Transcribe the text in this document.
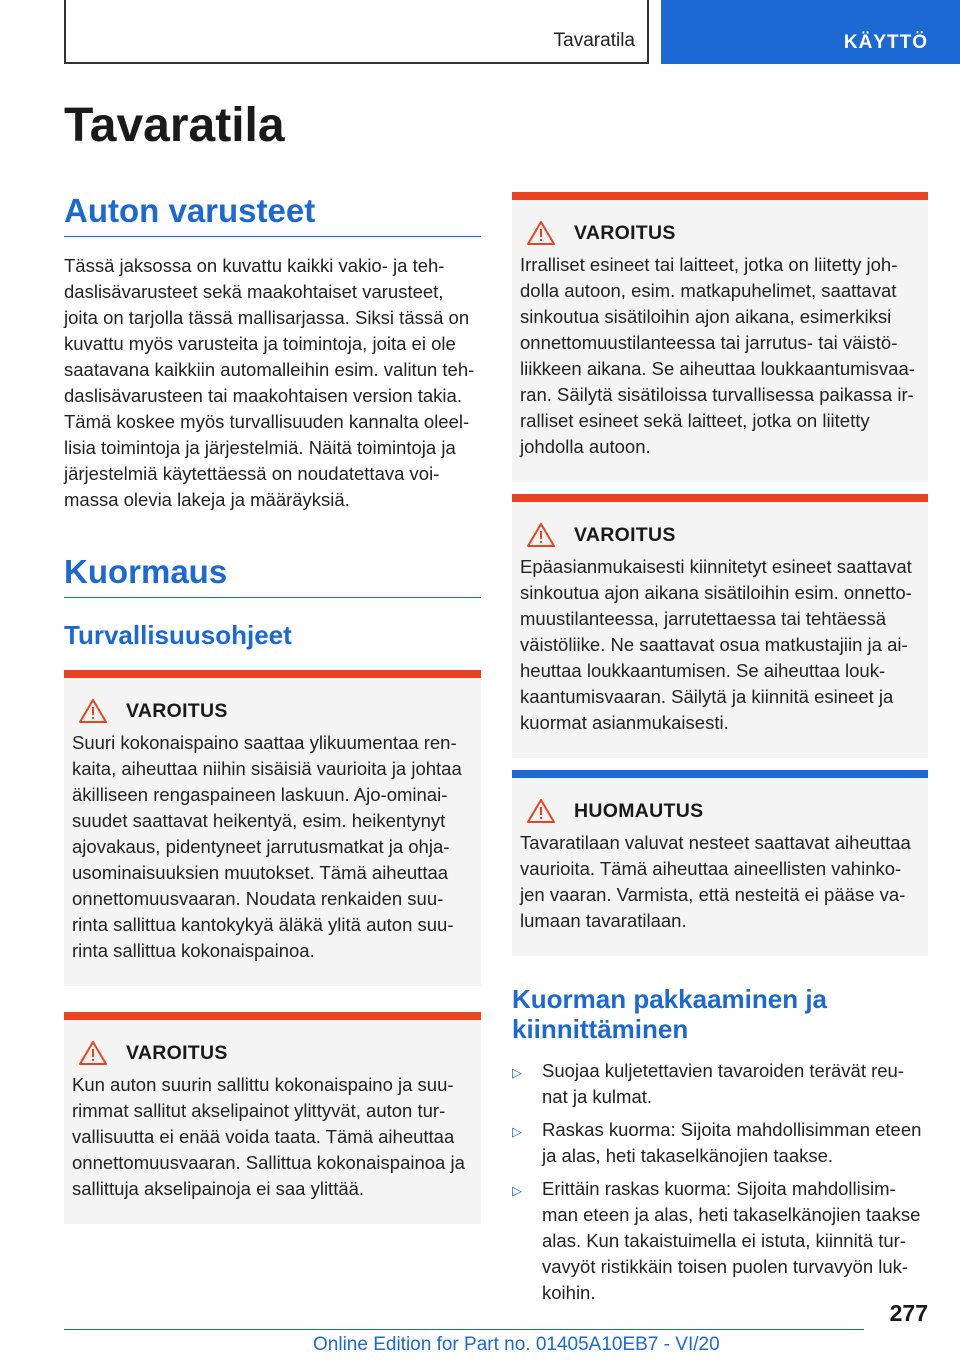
Tavaratila	KÄYTTÖ
Tavaratila
Auton varusteet

Tässä jaksossa on kuvattu kaikki vakio- ja teh-daslisävarusteet sekä maakohtaiset varusteet, joita on tarjolla tässä mallisarjassa. Siksi tässä on kuvattu myös varusteita ja toimintoja, joita ei ole saatavana kaikkiin automalleihin esim. valitun teh-daslisävarusteen tai maakohtaisen version takia. Tämä koskee myös turvallisuuden kannalta oleel-lisia toimintoja ja järjestelmiä. Näitä toimintoja ja järjestelmiä käytettäessä on noudatettava voi-massa olevia lakeja ja määräyksiä.

Kuormaus
Turvallisuusohjeet
VAROITUS

Suuri kokonaispaino saattaa ylikuumentaa ren-kaita, aiheuttaa niihin sisäisiä vaurioita ja johtaa äkilliseen rengaspaineen laskuun. Ajo-ominai-suudet saattavat heikentyä, esim. heikentynyt ajovakaus, pidentyneet jarrutusmatkat ja ohja-usominaisuuksien muutokset. Tämä aiheuttaa onnettomuusvaaran. Noudata renkaiden suu-rinta sallittua kantokykyä äläkä ylitä auton suu-rinta sallittua kokonaispainoa.

VAROITUS

Kun auton suurin sallittu kokonaispaino ja suu-rimmat sallitut akselipainot ylittyvät, auton tur-vallisuutta ei enää voida taata. Tämä aiheuttaa onnettomuusvaaran. Sallittua kokonaispainoa ja sallittuja akselipainoja ei saa ylittää.

VAROITUS

Irralliset esineet tai laitteet, jotka on liitetty joh-dolla autoon, esim. matkapuhelimet, saattavat sinkoutua sisätiloihin ajon aikana, esimerkiksi onnettomuustilanteessa tai jarrutus- tai väistö-liikkeen aikana. Se aiheuttaa loukkaantumisvaa-ran. Säilytä sisätiloissa turvallisessa paikassa ir-ralliset esineet sekä laitteet, jotka on liitetty johdolla autoon.

VAROITUS

Epäasianmukaisesti kiinnitetyt esineet saattavat sinkoutua ajon aikana sisätiloihin esim. onnetto-muustilanteessa, jarrutettaessa tai tehtäessä väistöliike. Ne saattavat osua matkustajiin ja ai-heuttaa loukkaantumisen. Se aiheuttaa louk-kaantumisvaaran. Säilytä ja kiinnitä esineet ja kuormat asianmukaisesti.

HUOMAUTUS

Tavaratilaan valuvat nesteet saattavat aiheuttaa vaurioita. Tämä aiheuttaa aineellisten vahinko-jen vaaran. Varmista, että nesteitä ei pääse va-lumaan tavaratilaan.

Kuorman pakkaaminen ja kiinnittäminen
▷	Suojaa kuljetettavien tavaroiden terävät reu-nat ja kulmat.
▷	Raskas kuorma: Sijoita mahdollisimman eteen ja alas, heti takaselkänojien taakse.
▷	Erittäin raskas kuorma: Sijoita mahdollisim-man eteen ja alas, heti takaselkänojien taakse alas. Kun takaistuimella ei istuta, kiinnitä tur-vavyöt ristikkäin toisen puolen turvavyön luk-koihin.
277
Online Edition for Part no. 01405A10EB7 - VI/20
